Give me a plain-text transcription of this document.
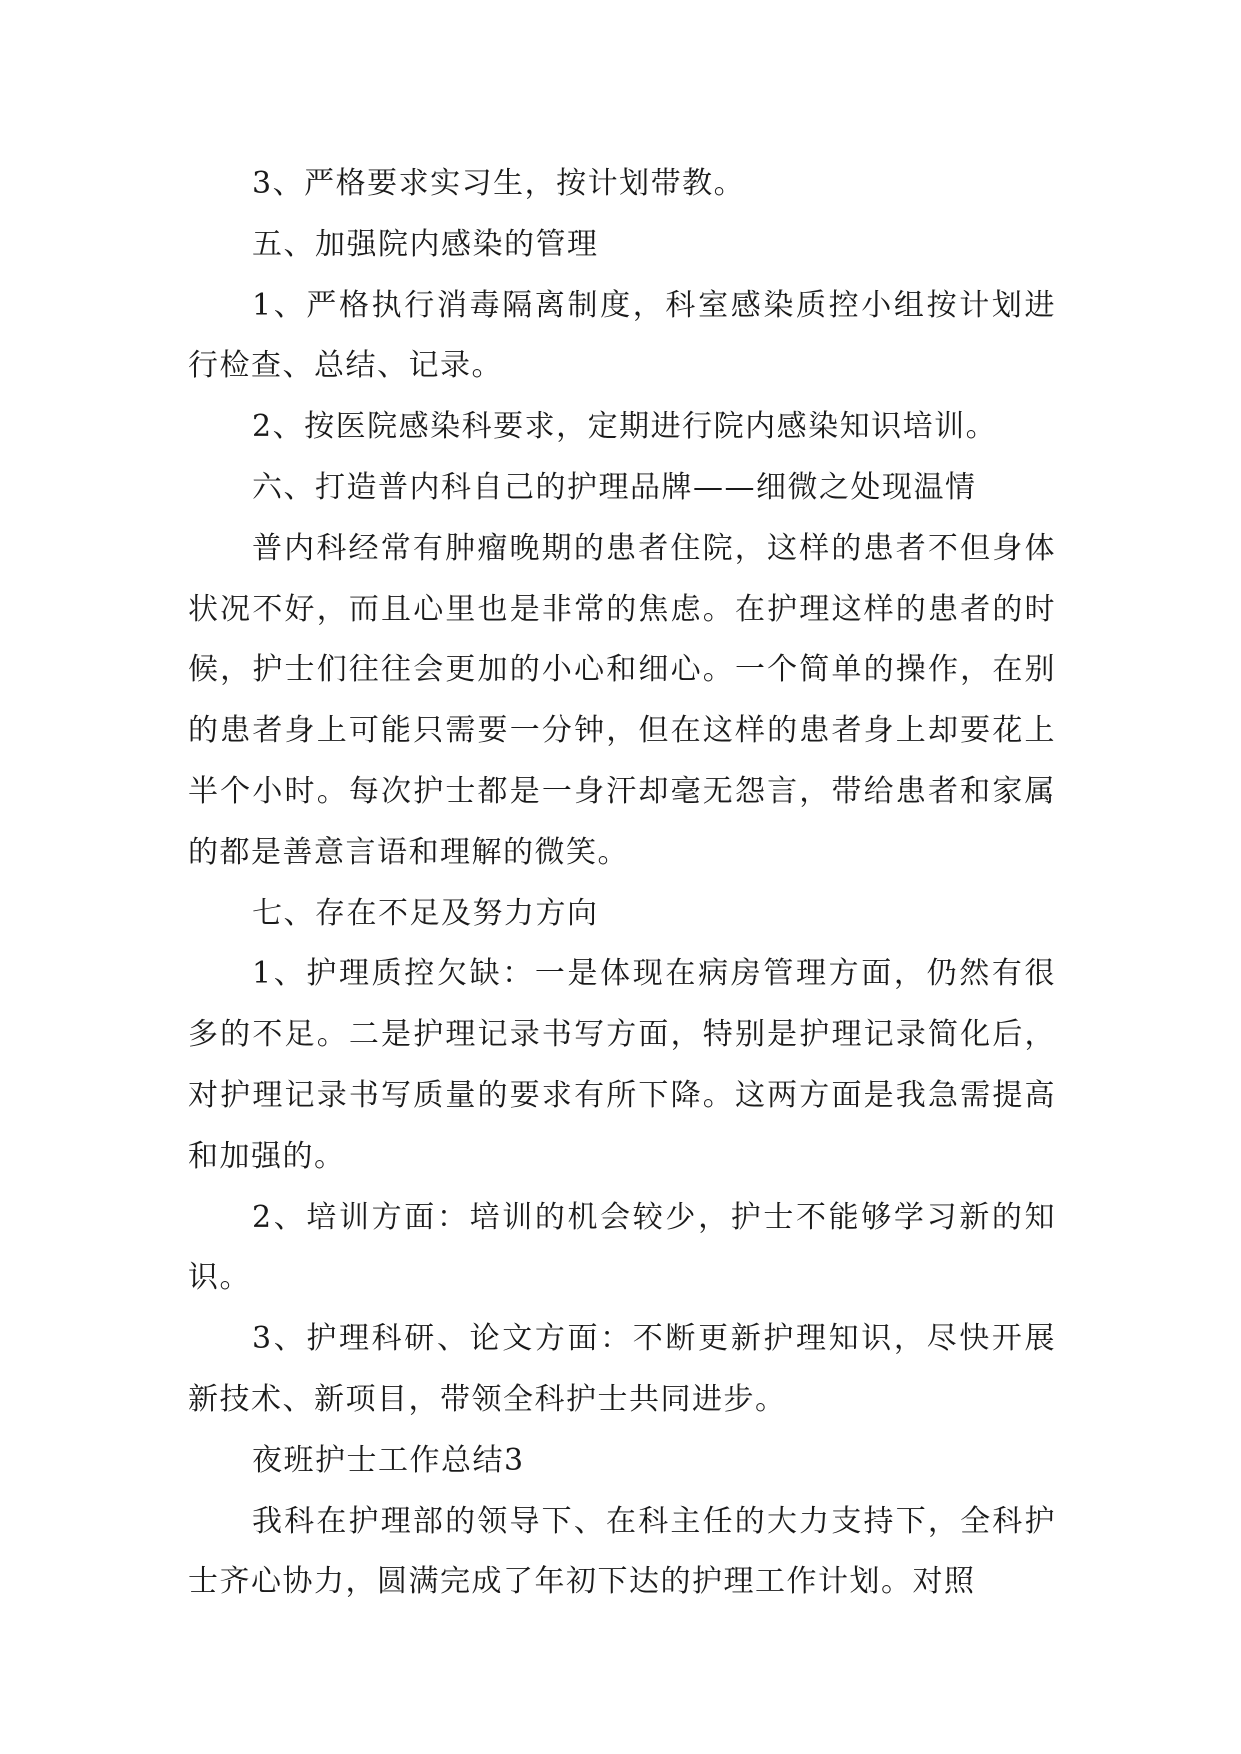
3、严格要求实习生，按计划带教。

五、加强院内感染的管理

1、严格执行消毒隔离制度，科室感染质控小组按计划进行检查、总结、记录。

2、按医院感染科要求，定期进行院内感染知识培训。

六、打造普内科自己的护理品牌——细微之处现温情

普内科经常有肿瘤晚期的患者住院，这样的患者不但身体状况不好，而且心里也是非常的焦虑。在护理这样的患者的时候，护士们往往会更加的小心和细心。一个简单的操作，在别的患者身上可能只需要一分钟，但在这样的患者身上却要花上半个小时。每次护士都是一身汗却毫无怨言，带给患者和家属的都是善意言语和理解的微笑。

七、存在不足及努力方向

1、护理质控欠缺：一是体现在病房管理方面，仍然有很多的不足。二是护理记录书写方面，特别是护理记录简化后，对护理记录书写质量的要求有所下降。这两方面是我急需提高和加强的。

2、培训方面：培训的机会较少，护士不能够学习新的知识。

3、护理科研、论文方面：不断更新护理知识，尽快开展新技术、新项目，带领全科护士共同进步。

夜班护士工作总结3

我科在护理部的领导下、在科主任的大力支持下，全科护士齐心协力，圆满完成了年初下达的护理工作计划。对照
